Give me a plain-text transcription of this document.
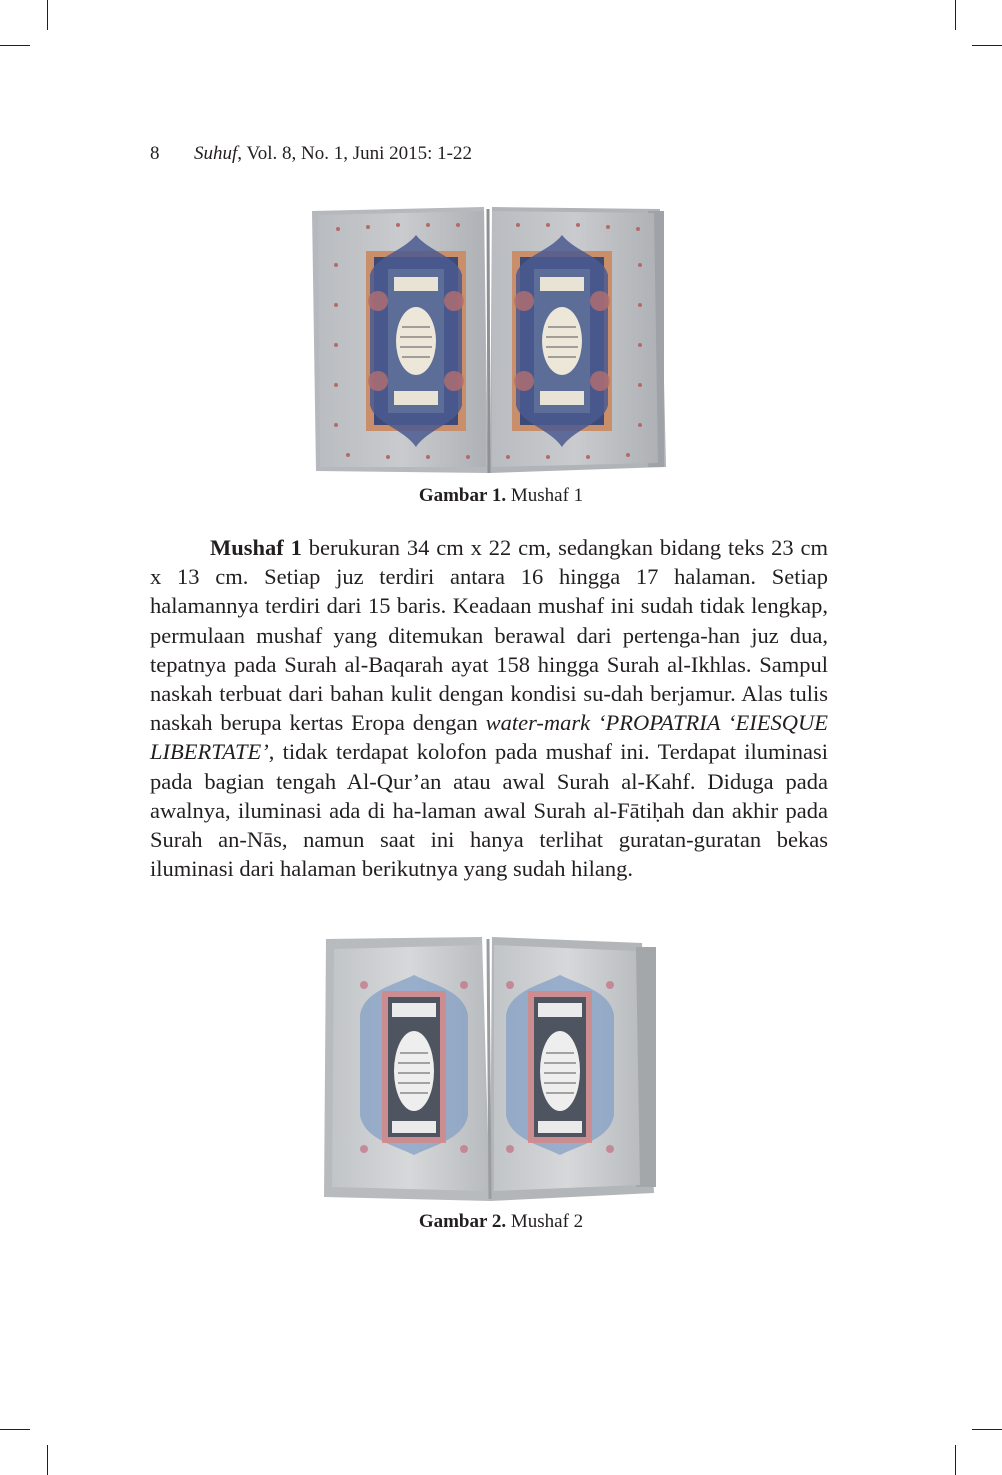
8 Suhuf, Vol. 8, No. 1, Juni 2015: 1-22
Gambar 1. Mushaf 1

Mushaf 1 berukuran 34 cm x 22 cm, sedangkan bidang teks 23 cm x 13 cm. Setiap juz terdiri antara 16 hingga 17 halaman. Setiap halamannya terdiri dari 15 baris. Keadaan mushaf ini sudah tidak lengkap, permulaan mushaf yang ditemukan berawal dari pertenga-han juz dua, tepatnya pada Surah al-Baqarah ayat 158 hingga Surah al-Ikhlas. Sampul naskah terbuat dari bahan kulit dengan kondisi su-dah berjamur. Alas tulis naskah berupa kertas Eropa dengan water-mark ‘PROPATRIA ‘EIESQUE LIBERTATE’, tidak terdapat kolofon pada mushaf ini. Terdapat iluminasi pada bagian tengah Al-Qur’an atau awal Surah al-Kahf. Diduga pada awalnya, iluminasi ada di ha-laman awal Surah al-Fātiḥah dan akhir pada Surah an-Nās, namun saat ini hanya terlihat guratan-guratan bekas iluminasi dari halaman berikutnya yang sudah hilang.

Gambar 2. Mushaf 2
